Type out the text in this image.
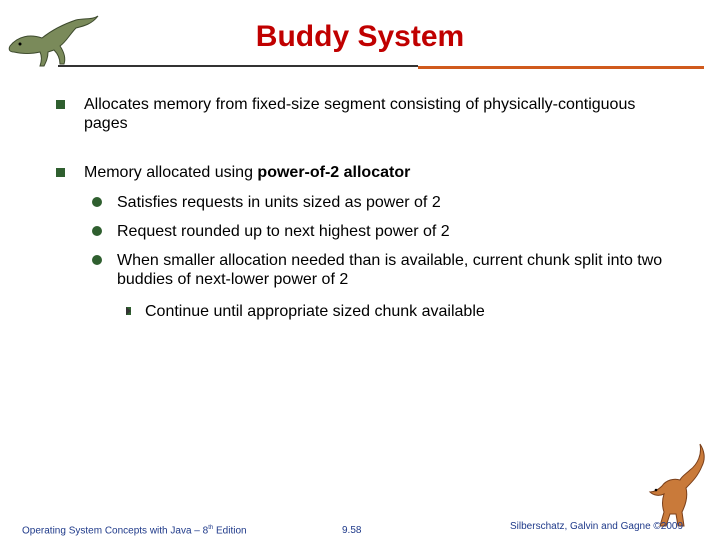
Buddy System
Allocates memory from fixed-size segment consisting of physically-contiguous pages
Memory allocated using power-of-2 allocator
Satisfies requests in units sized as power of 2
Request rounded up to next highest power of 2
When smaller allocation needed than is available, current chunk split into two buddies of next-lower power of 2
Continue until appropriate sized chunk available
Operating System Concepts with Java – 8th Edition	9.58	Silberschatz, Galvin and Gagne ©2009
